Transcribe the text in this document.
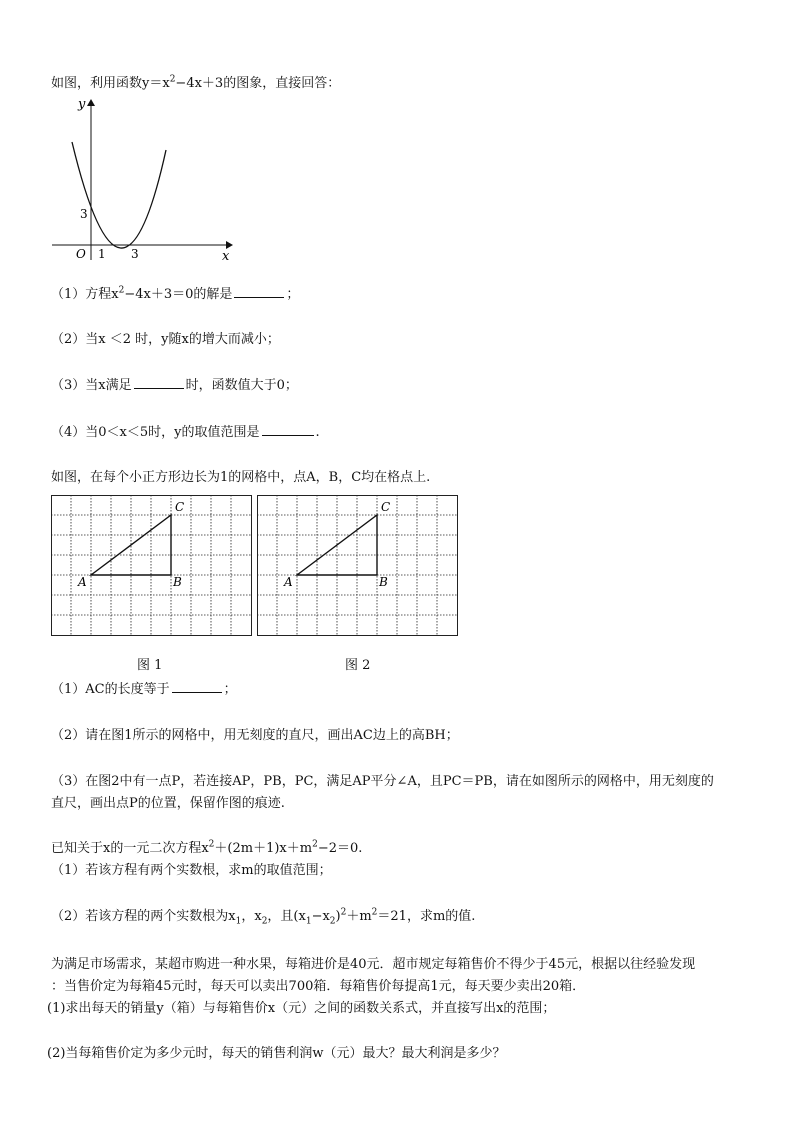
如图，利用函数$y=x^2-4x+3$的图象，直接回答：
y
x
O 1 3
3
（1）方程$x^2-4x+3=0$的解是	；
（2）当x ＜2 时，y随x的增大而减小；
（3）当x满足	时，函数值大于0；
（4）当0＜x＜5时，y的取值范围是	.
如图，在每个小正方形边长为1的网格中，点A，B，C均在格点上.
A	B
C
A	B
C
图 1	图 2
（1）AC的长度等于	；
（2）请在图1所示的网格中，用无刻度的直尺，画出AC边上的高BH；
（3）在图2中有一点P，若连接AP，PB，PC，满足AP平分∠A，且PC＝PB，请在如图所示的网格中，用无刻度的
直尺，画出点P的位置，保留作图的痕迹.
已知关于x的一元二次方程$x^2+(2m+1)x+m^2-2=0$.
（1）若该方程有两个实数根，求m的取值范围；
（2）若该方程的两个实数根为$x_1$，$x_2$，且$(x_1-x_2)^2+m^2=21$，求m的值.
为满足市场需求，某超市购进一种水果，每箱进价是40元．超市规定每箱售价不得少于45元，根据以往经验发现
：当售价定为每箱45元时，每天可以卖出700箱．每箱售价每提高1元，每天要少卖出20箱．
(1)求出每天的销量y（箱）与每箱售价x（元）之间的函数关系式，并直接写出x的范围；
(2)当每箱售价定为多少元时，每天的销售利润w（元）最大？最大利润是多少？
